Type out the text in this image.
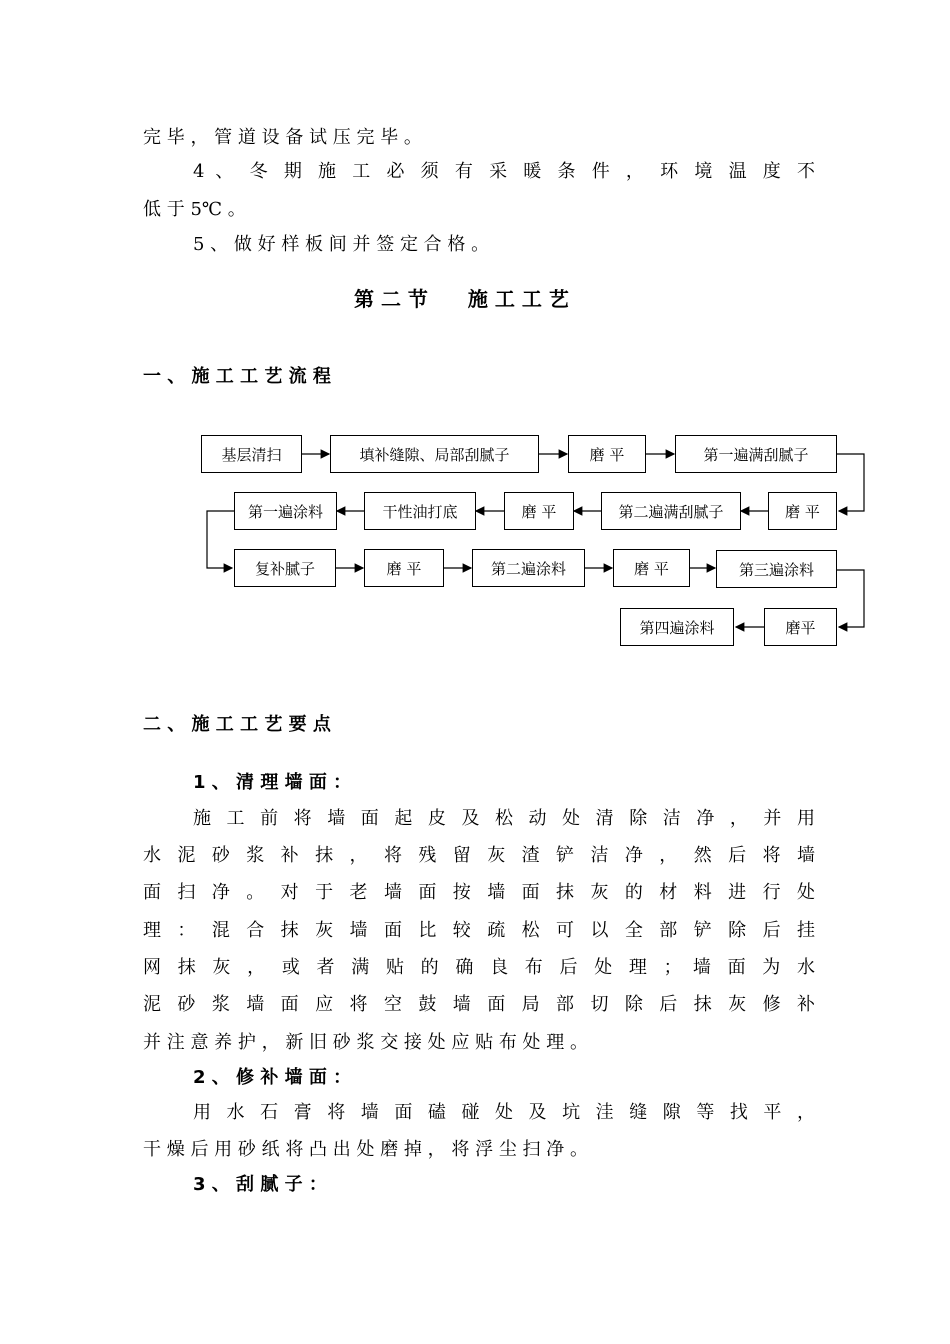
完 毕 ， 管 道 设 备 试 压 完 毕 。
4 、 冬 期 施 工 必 须 有 采 暖 条 件 ， 环 境 温 度 不
低 于 5℃ 。
5 、 做 好 样 板 间 并 签 定 合 格 。
第 二 节　　施 工 工 艺
一 、 施 工 工 艺 流 程
基层清扫	填补缝隙、局部刮腻子	磨 平	第一遍满刮腻子
磨 平
第二遍满刮腻子
磨 平
干性油打底
第一遍涂料
复补腻子	磨 平	第二遍涂料	磨 平	第三遍涂料
磨平
第四遍涂料
二 、 施 工 工 艺 要 点
1 、 清 理 墙 面 ：
施 工 前 将 墙 面 起 皮 及 松 动 处 清 除 洁 净 ， 并 用
水 泥 砂 浆 补 抹 ， 将 残 留 灰 渣 铲 洁 净 ， 然 后 将 墙
面 扫 净 。 对 于 老 墙 面 按 墙 面 抹 灰 的 材 料 进 行 处
理 ： 混 合 抹 灰 墙 面 比 较 疏 松 可 以 全 部 铲 除 后 挂
网 抹 灰 ， 或 者 满 贴 的 确 良 布 后 处 理 ； 墙 面 为 水
泥 砂 浆 墙 面 应 将 空 鼓 墙 面 局 部 切 除 后 抹 灰 修 补
并 注 意 养 护 ， 新 旧 砂 浆 交 接 处 应 贴 布 处 理 。
2 、 修 补 墙 面 ：
用 水 石 膏 将 墙 面 磕 碰 处 及 坑 洼 缝 隙 等 找 平 ，
干 燥 后 用 砂 纸 将 凸 出 处 磨 掉 ， 将 浮 尘 扫 净 。
3 、 刮 腻 子 ：
